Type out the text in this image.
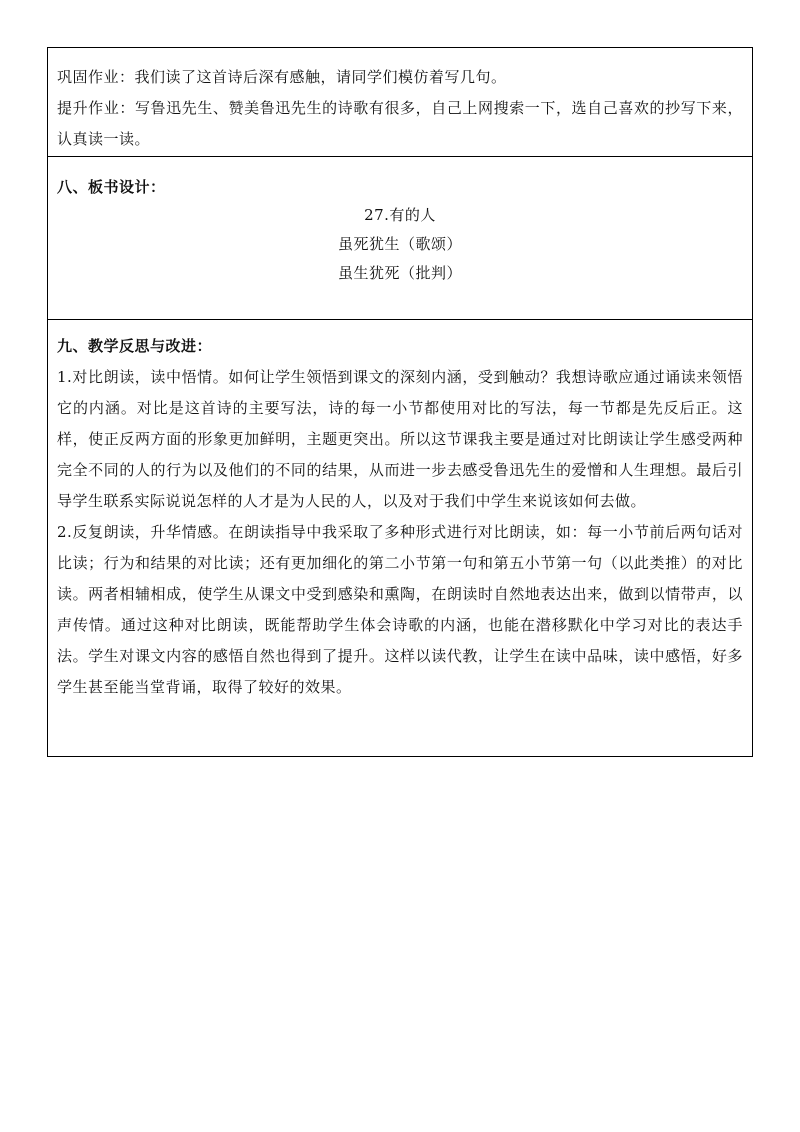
巩固作业：我们读了这首诗后深有感触，请同学们模仿着写几句。

提升作业：写鲁迅先生、赞美鲁迅先生的诗歌有很多，自己上网搜索一下，选自己喜欢的抄写下来，认真读一读。

八、板书设计：

27.有的人

虽死犹生（歌颂）

虽生犹死（批判）

九、教学反思与改进：

1.对比朗读，读中悟情。如何让学生领悟到课文的深刻内涵，受到触动？我想诗歌应通过诵读来领悟它的内涵。对比是这首诗的主要写法，诗的每一小节都使用对比的写法，每一节都是先反后正。这样，使正反两方面的形象更加鲜明，主题更突出。所以这节课我主要是通过对比朗读让学生感受两种完全不同的人的行为以及他们的不同的结果，从而进一步去感受鲁迅先生的爱憎和人生理想。最后引导学生联系实际说说怎样的人才是为人民的人，以及对于我们中学生来说该如何去做。

2.反复朗读，升华情感。在朗读指导中我采取了多种形式进行对比朗读，如：每一小节前后两句话对比读；行为和结果的对比读；还有更加细化的第二小节第一句和第五小节第一句（以此类推）的对比读。两者相辅相成，使学生从课文中受到感染和熏陶，在朗读时自然地表达出来，做到以情带声，以声传情。通过这种对比朗读，既能帮助学生体会诗歌的内涵，也能在潜移默化中学习对比的表达手法。学生对课文内容的感悟自然也得到了提升。这样以读代教，让学生在读中品味，读中感悟，好多学生甚至能当堂背诵，取得了较好的效果。
